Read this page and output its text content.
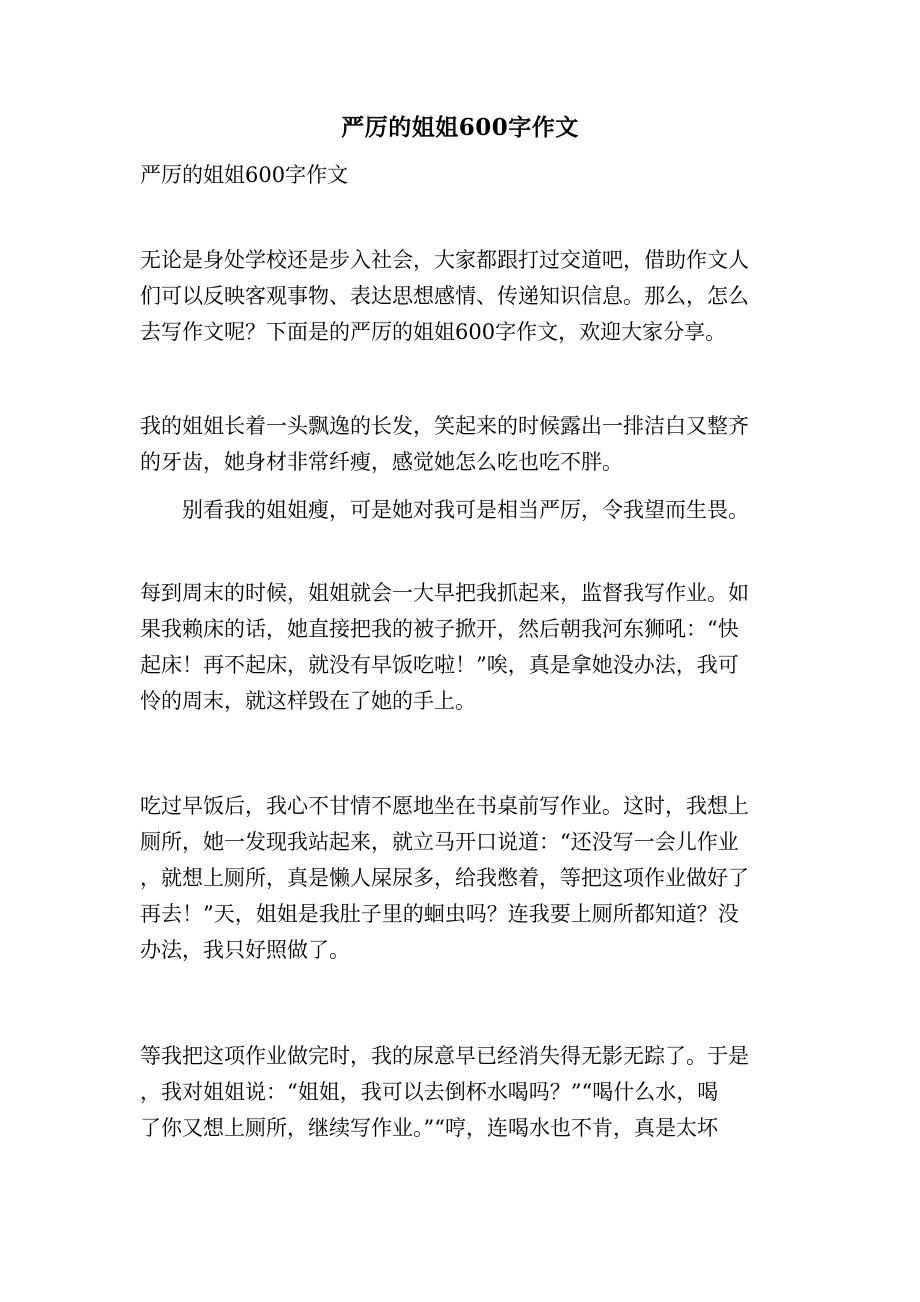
严厉的姐姐600字作文

严厉的姐姐600字作文

无论是身处学校还是步入社会，大家都跟打过交道吧，借助作文人
们可以反映客观事物、表达思想感情、传递知识信息。那么，怎么
去写作文呢？下面是的严厉的姐姐600字作文，欢迎大家分享。

我的姐姐长着一头飘逸的长发，笑起来的时候露出一排洁白又整齐
的牙齿，她身材非常纤瘦，感觉她怎么吃也吃不胖。

别看我的姐姐瘦，可是她对我可是相当严厉，令我望而生畏。

每到周末的时候，姐姐就会一大早把我抓起来，监督我写作业。如
果我赖床的话，她直接把我的被子掀开，然后朝我河东狮吼：“快
起床！再不起床，就没有早饭吃啦！”唉，真是拿她没办法，我可
怜的周末，就这样毁在了她的手上。

吃过早饭后，我心不甘情不愿地坐在书桌前写作业。这时，我想上
厕所，她一发现我站起来，就立马开口说道：“还没写一会儿作业
，就想上厕所，真是懒人屎尿多，给我憋着，等把这项作业做好了
再去！”天，姐姐是我肚子里的蛔虫吗？连我要上厕所都知道？没
办法，我只好照做了。

等我把这项作业做完时，我的尿意早已经消失得无影无踪了。于是
，我对姐姐说：“姐姐，我可以去倒杯水喝吗？”“喝什么水，喝
了你又想上厕所，继续写作业。”“哼，连喝水也不肯，真是太坏
